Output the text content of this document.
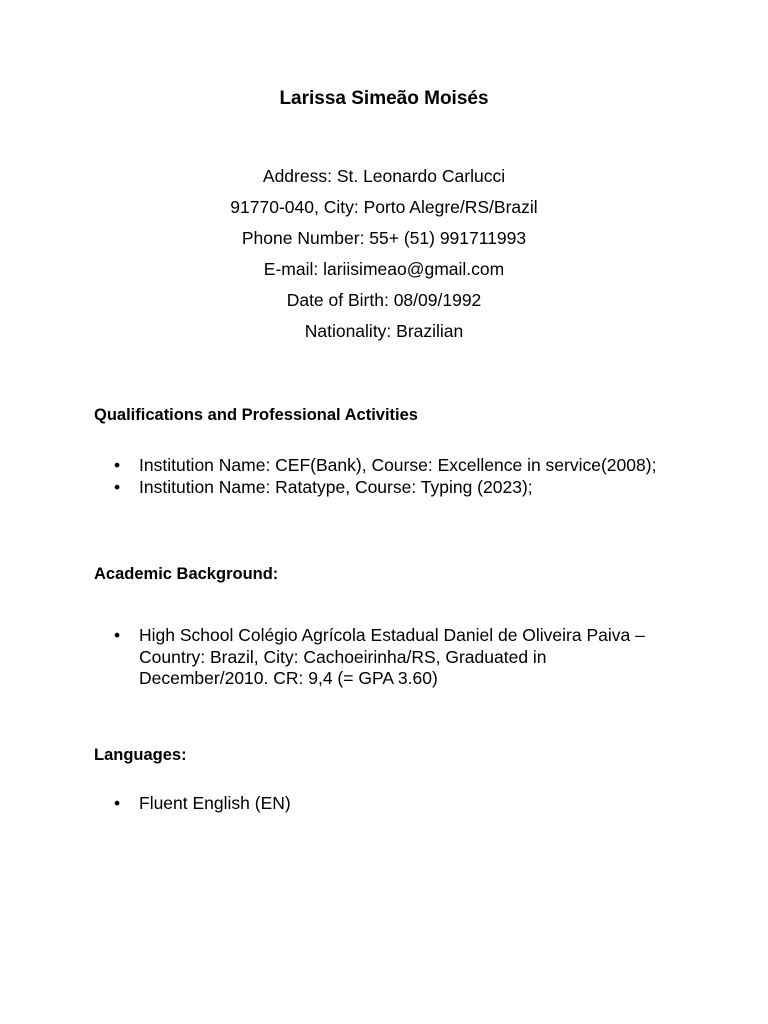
Larissa Simeão Moisés
Address: St. Leonardo Carlucci
91770-040, City: Porto Alegre/RS/Brazil
Phone Number: 55+ (51) 991711993
E-mail: lariisimeao@gmail.com
Date of Birth: 08/09/1992
Nationality: Brazilian
Qualifications and Professional Activities
• Institution Name: CEF(Bank), Course: Excellence in service(2008);
• Institution Name: Ratatype, Course: Typing (2023);
Academic Background:
• High School Colégio Agrícola Estadual Daniel de Oliveira Paiva –
Country: Brazil, City: Cachoeirinha/RS, Graduated in
December/2010. CR: 9,4 (= GPA 3.60)
Languages:
• Fluent English (EN)
